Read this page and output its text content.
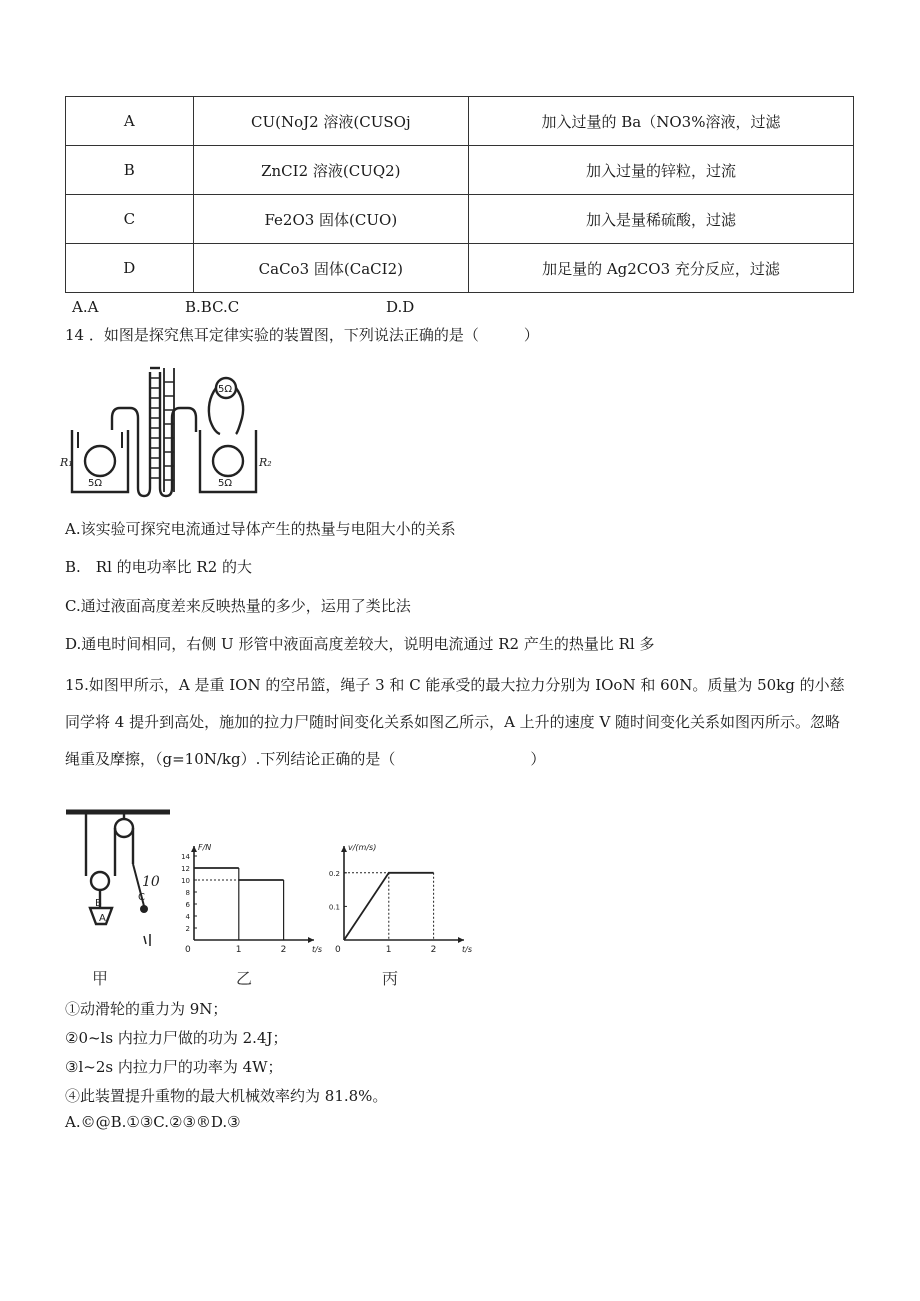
A	CU(NoJ2 溶液(CUSOj	加入过量的 Ba（NO3%溶液，过滤
B	ZnCI2 溶液(CUQ2)	加入过量的锌粒，过流
C	Fe2O3 固体(CUO)	加入是量稀硫酸，过滤
D	CaCo3 固体(CaCI2)	加足量的 Ag2CO3 充分反应，过滤
A.A	B.BC.C	D.D
14 ．如图是探究焦耳定律实验的装置图，下列说法正确的是（　　　）
R₁	R₂
5Ω	5Ω
5Ω
A.该实验可探究电流通过导体产生的热量与电阻大小的关系
B.　Rl 的电功率比 R2 的大
C.通过液面高度差来反映热量的多少，运用了类比法
D.通电时间相同，右侧 U 形管中液面高度差较大，说明电流通过 R2 产生的热量比 Rl 多
15.如图甲所示，A 是重 ION 的空吊篮，绳子 3 和 C 能承受的最大拉力分别为 IOoN 和 60N。质量为 50kg 的小慈同学将 4 提升到高处，施加的拉力尸随时间变化关系如图乙所示，A 上升的速度 V 随时间变化关系如图丙所示。忽略绳重及摩擦，（g=10N/kg）.下列结论正确的是（　　　　　　　　　）
B
A
C
10
t/s
F/N
0	1	2
14
12
10
8
6
4
2
t/s
v/(m/s)
0	1	2
0.2
0.1
甲	乙	丙
①动滑轮的重力为 9N；
②0~ls 内拉力尸做的功为 2.4J；
③l~2s 内拉力尸的功率为 4W；
④此装置提升重物的最大机械效率约为 81.8%。
A.©@B.①③C.②③®D.③
